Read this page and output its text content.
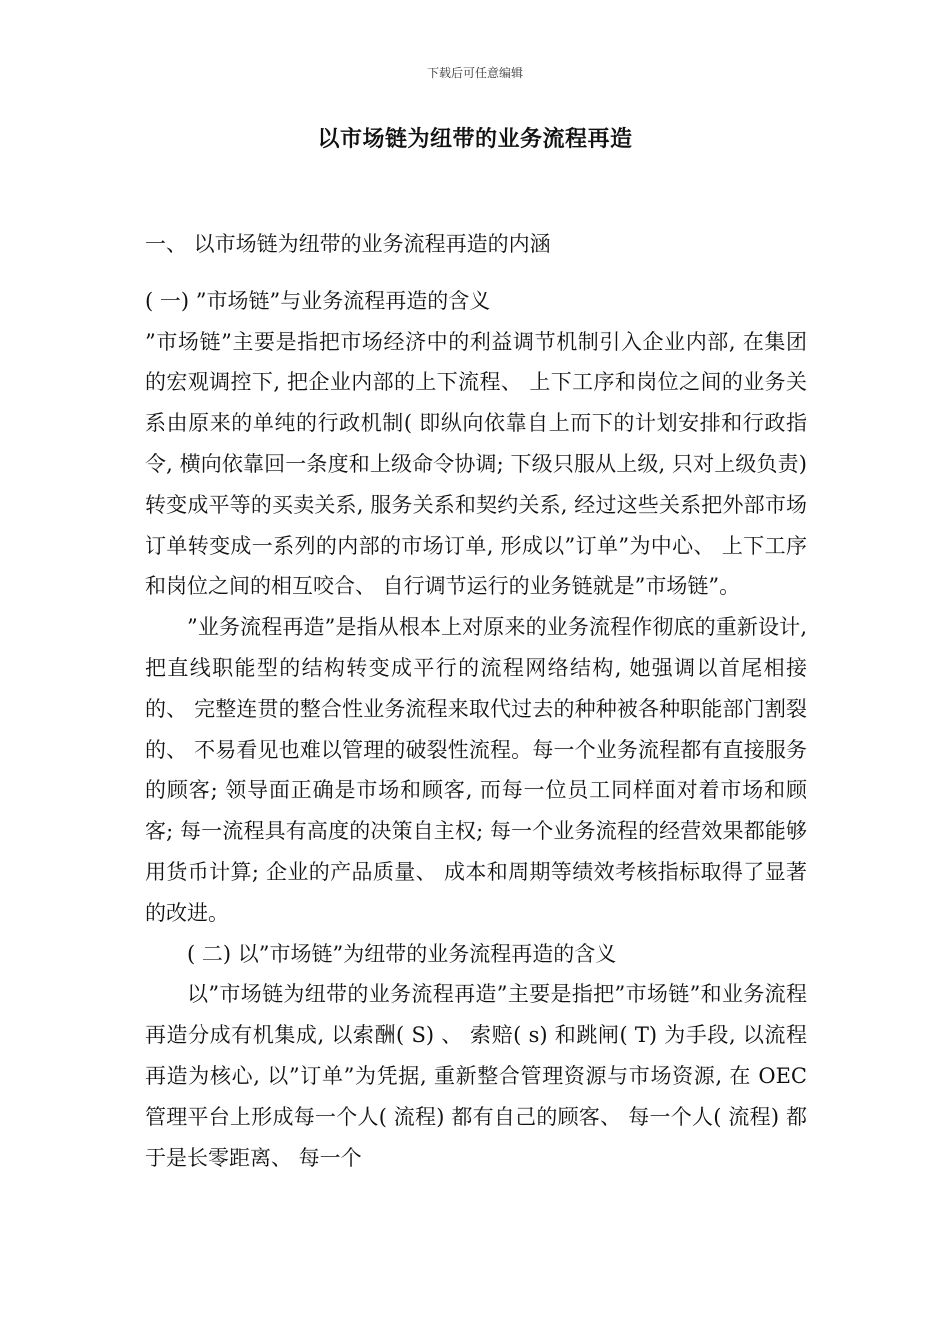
下载后可任意编辑
以市场链为纽带的业务流程再造

一、 以市场链为纽带的业务流程再造的内涵

( 一) ”市场链”与业务流程再造的含义

”市场链”主要是指把市场经济中的利益调节机制引入企业内部, 在集团的宏观调控下, 把企业内部的上下流程、 上下工序和岗位之间的业务关系由原来的单纯的行政机制( 即纵向依靠自上而下的计划安排和行政指令, 横向依靠回一条度和上级命令协调; 下级只服从上级, 只对上级负责) 转变成平等的买卖关系, 服务关系和契约关系, 经过这些关系把外部市场订单转变成一系列的内部的市场订单, 形成以”订单”为中心、 上下工序和岗位之间的相互咬合、 自行调节运行的业务链就是”市场链”。

”业务流程再造”是指从根本上对原来的业务流程作彻底的重新设计, 把直线职能型的结构转变成平行的流程网络结构, 她强调以首尾相接的、 完整连贯的整合性业务流程来取代过去的种种被各种职能部门割裂的、 不易看见也难以管理的破裂性流程。每一个业务流程都有直接服务的顾客; 领导面正确是市场和顾客, 而每一位员工同样面对着市场和顾客; 每一流程具有高度的决策自主权; 每一个业务流程的经营效果都能够用货币计算; 企业的产品质量、 成本和周期等绩效考核指标取得了显著的改进。

( 二) 以”市场链”为纽带的业务流程再造的含义

以”市场链为纽带的业务流程再造”主要是指把”市场链”和业务流程再造分成有机集成, 以索酬( S) 、 索赔( s) 和跳闸( T) 为手段, 以流程再造为核心, 以”订单”为凭据, 重新整合管理资源与市场资源, 在 OEC 管理平台上形成每一个人( 流程) 都有自己的顾客、 每一个人( 流程) 都于是长零距离、 每一个
